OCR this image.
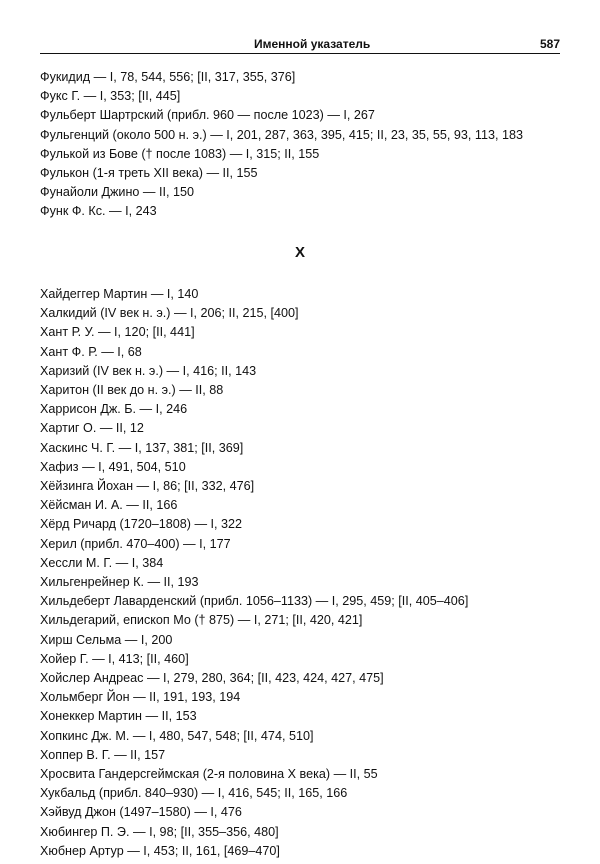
Именной указатель	587
Фукидид — I, 78, 544, 556; [II, 317, 355, 376]
Фукс Г. — I, 353; [II, 445]
Фульберт Шартрский (прибл. 960 — после 1023) — I, 267
Фульгенций (около 500 н. э.) — I, 201, 287, 363, 395, 415; II, 23, 35, 55, 93, 113, 183
Фулькой из Бове († после 1083) — I, 315; II, 155
Фулькон (1-я треть XII века) — II, 155
Фунайоли Джино — II, 150
Функ Ф. Кс. — I, 243
Х
Хайдеггер Мартин — I, 140
Халкидий (IV век н. э.) — I, 206; II, 215, [400]
Хант Р. У. — I, 120; [II, 441]
Хант Ф. Р. — I, 68
Харизий (IV век н. э.) — I, 416; II, 143
Харитон (II век до н. э.) — II, 88
Харрисон Дж. Б. — I, 246
Хартиг О. — II, 12
Хаскинс Ч. Г. — I, 137, 381; [II, 369]
Хафиз — I, 491, 504, 510
Хёйзинга Йохан — I, 86; [II, 332, 476]
Хёйсман И. А. — II, 166
Хёрд Ричард (1720–1808) — I, 322
Херил (прибл. 470–400) — I, 177
Хессли М. Г. — I, 384
Хильгенрейнер К. — II, 193
Хильдеберт Лаварденский (прибл. 1056–1133) — I, 295, 459; [II, 405–406]
Хильдегарий, епископ Мо († 875) — I, 271; [II, 420, 421]
Хирш Сельма — I, 200
Хойер Г. — I, 413; [II, 460]
Хойслер Андреас — I, 279, 280, 364; [II, 423, 424, 427, 475]
Хольмберг Йон — II, 191, 193, 194
Хонеккер Мартин — II, 153
Хопкинс Дж. М. — I, 480, 547, 548; [II, 474, 510]
Хоппер В. Г. — II, 157
Хросвита Гандерсгеймская (2-я половина X века) — II, 55
Хукбальд (прибл. 840–930) — I, 416, 545; II, 165, 166
Хэйвуд Джон (1497–1580) — I, 476
Хюбингер П. Э. — I, 98; [II, 355–356, 480]
Хюбнер Артур — I, 453; II, 161, [469–470]
